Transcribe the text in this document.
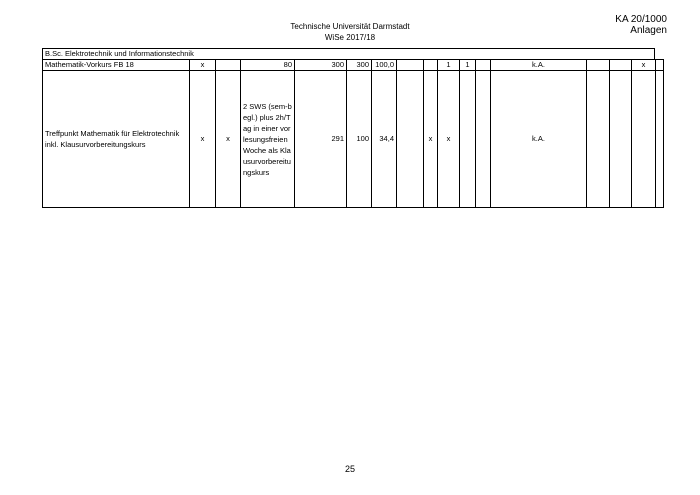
Technische Universität Darmstadt
WiSe 2017/18
KA 20/1000
Anlagen
B.Sc. Elektrotechnik und Informationstechnik
Mathematik-Vorkurs FB 18	x		80	300	300	100,0			1	1		k.A.			x	
Treffpunkt Mathematik für Elektrotechnik inkl. Klausurvorbereitungskurs	x	x	2 SWS (sem-begl.) plus 2h/Tag in einer vorlesungsfreien Woche als Klausurvorbereitungskurs	291	100	34,4		x	x			k.A.				
25
